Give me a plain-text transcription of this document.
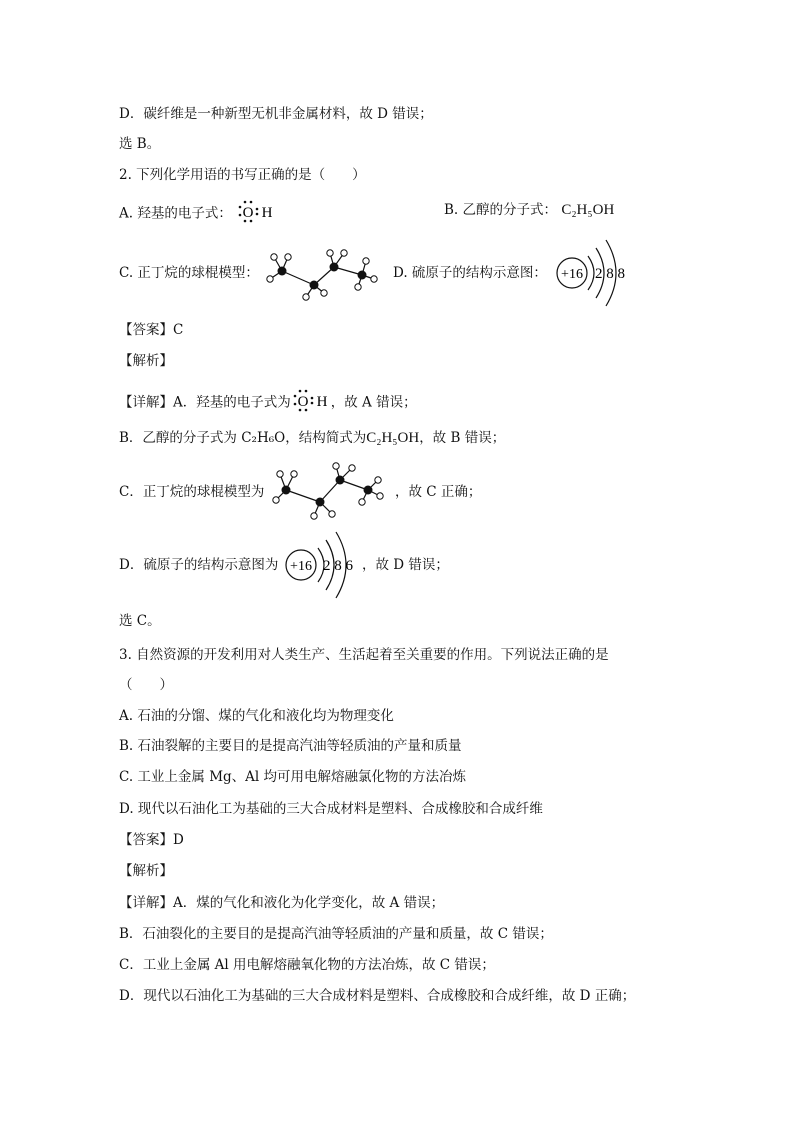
D．碳纤维是一种新型无机非金属材料，故 D 错误；
选 B。
2. 下列化学用语的书写正确的是（　　）
A. 羟基的电子式： O H	B. 乙醇的分子式： C₂H₅OH
C. 正丁烷的球棍模型：	D. 硫原子的结构示意图： +16 2 8 8
【答案】C
【解析】
【详解】A．羟基的电子式为 O H ，故 A 错误；
B．乙醇的分子式为 C₂H₆O，结构简式为C₂H₅OH，故 B 错误；
C．正丁烷的球棍模型为	，故 C 正确；
D．硫原子的结构示意图为 +16 2 8 6 ，故 D 错误；
选 C。
3. 自然资源的开发利用对人类生产、生活起着至关重要的作用。下列说法正确的是
（　　）
A. 石油的分馏、煤的气化和液化均为物理变化
B. 石油裂解的主要目的是提高汽油等轻质油的产量和质量
C. 工业上金属 Mg、Al 均可用电解熔融氯化物的方法冶炼
D. 现代以石油化工为基础的三大合成材料是塑料、合成橡胶和合成纤维
【答案】D
【解析】
【详解】A．煤的气化和液化为化学变化，故 A 错误；
B．石油裂化的主要目的是提高汽油等轻质油的产量和质量，故 C 错误；
C．工业上金属 Al 用电解熔融氧化物的方法冶炼，故 C 错误；
D．现代以石油化工为基础的三大合成材料是塑料、合成橡胶和合成纤维，故 D 正确；
